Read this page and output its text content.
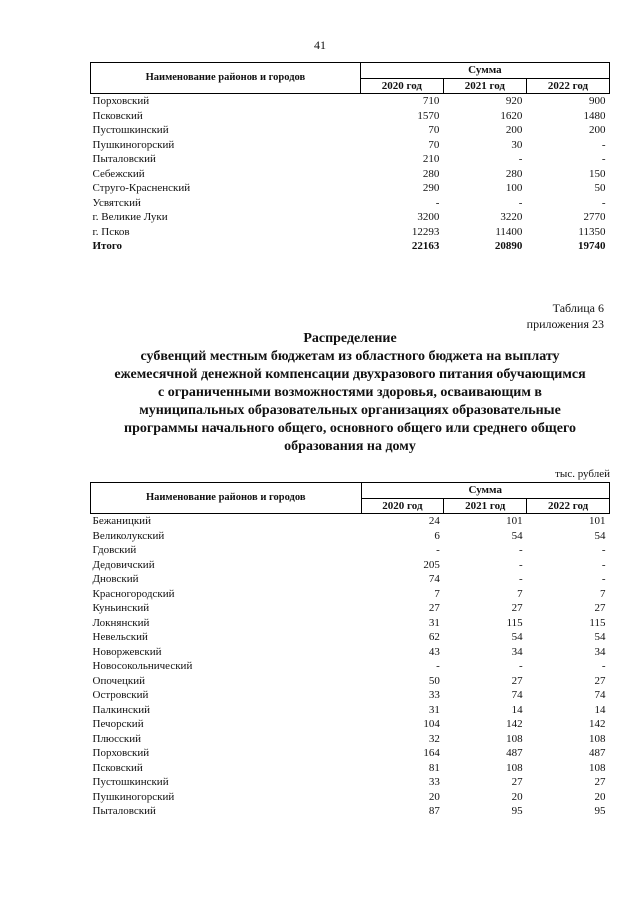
41
Наименование районов и городов	Сумма		
	2020 год	2021 год	2022 год
Порховский	710	920	900
Псковский	1570	1620	1480
Пустошкинский	70	200	200
Пушкиногорский	70	30	-
Пыталовский	210	-	-
Себежский	280	280	150
Струго-Красненский	290	100	50
Усвятский	-	-	-
г. Великие Луки	3200	3220	2770
г. Псков	12293	11400	11350
Итого	22163	20890	19740
Таблица 6
приложения 23
Распределение
субвенций местным бюджетам из областного бюджета на выплату
ежемесячной денежной компенсации двухразового питания обучающимся
с ограниченными возможностями здоровья, осваивающим в
муниципальных образовательных организациях образовательные
программы начального общего, основного общего или среднего общего
образования на дому
тыс. рублей
Наименование районов и городов	Сумма		
	2020 год	2021 год	2022 год
Бежаницкий	24	101	101
Великолукский	6	54	54
Гдовский	-	-	-
Дедовичский	205	-	-
Дновский	74	-	-
Красногородский	7	7	7
Куньинский	27	27	27
Локнянский	31	115	115
Невельский	62	54	54
Новоржевский	43	34	34
Новосокольнический	-	-	-
Опочецкий	50	27	27
Островский	33	74	74
Палкинский	31	14	14
Печорский	104	142	142
Плюсский	32	108	108
Порховский	164	487	487
Псковский	81	108	108
Пустошкинский	33	27	27
Пушкиногорский	20	20	20
Пыталовский	87	95	95
